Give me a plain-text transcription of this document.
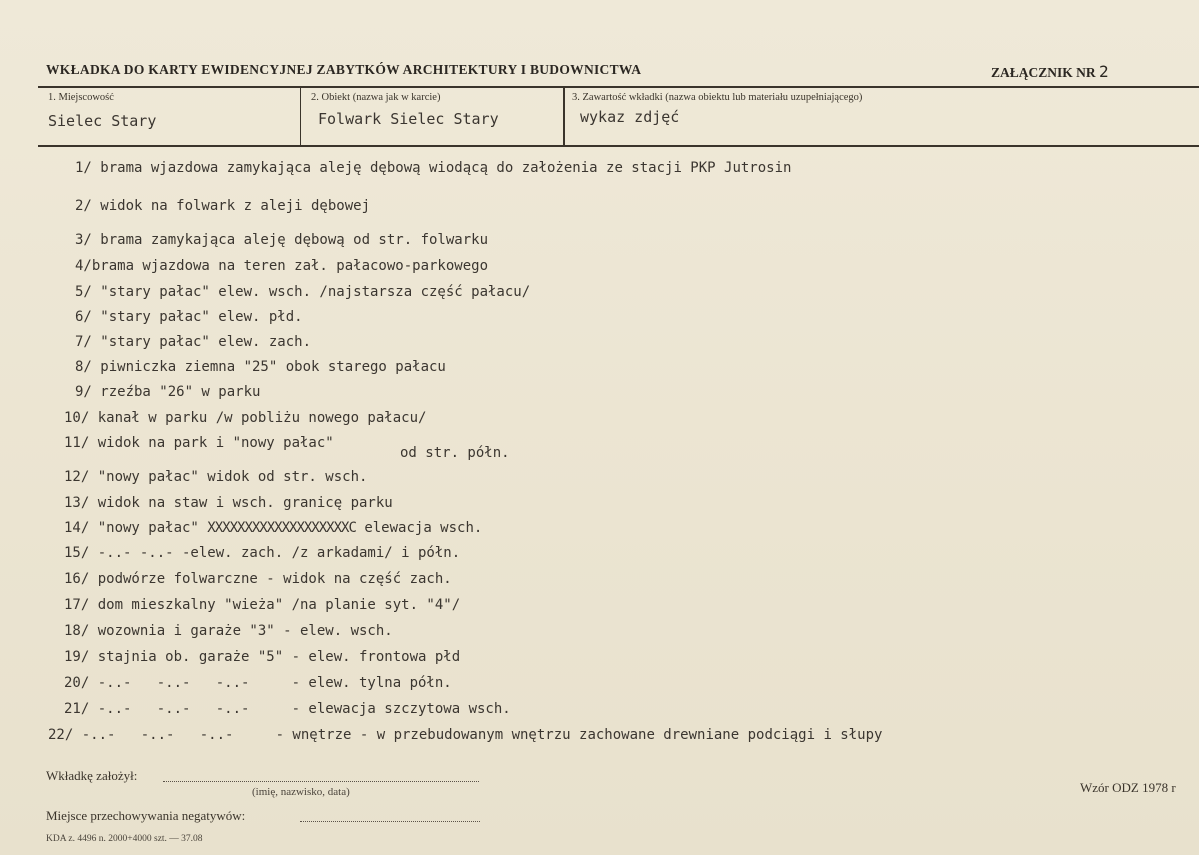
WKŁADKA DO KARTY EWIDENCYJNEJ ZABYTKÓW ARCHITEKTURY I BUDOWNICTWA	ZAŁĄCZNIK NR 2
1. Miejscowość
Sielec Stary
2. Obiekt (nazwa jak w karcie)
Folwark Sielec Stary
3. Zawartość wkładki (nazwa obiektu lub materiału uzupełniającego)
wykaz zdjęć
1/ brama wjazdowa zamykająca aleję dębową wiodącą do założenia ze stacji PKP Jutrosin
2/ widok na folwark z aleji dębowej
3/ brama zamykająca aleję dębową od str. folwarku
4/brama wjazdowa na teren zał. pałacowo-parkowego
5/ "stary pałac" elew. wsch. /najstarsza część pałacu/
6/ "stary pałac" elew. płd.
7/ "stary pałac" elew. zach.
8/ piwniczka ziemna "25" obok starego pałacu
9/ rzeźba "26" w parku
10/ kanał w parku /w pobliżu nowego pałacu/
11/ widok na park i "nowy pałac"
od str. półn.
12/ "nowy pałac" widok od str. wsch.
13/ widok na staw i wsch. granicę parku
14/ "nowy pałac" XXXXXXXXXXXXXXXXXXXC elewacja wsch.
15/ -..- -..- -elew. zach. /z arkadami/ i półn.
16/ podwórze folwarczne - widok na część zach.
17/ dom mieszkalny "wieża" /na planie syt. "4"/
18/ wozownia i garaże "3" - elew. wsch.
19/ stajnia ob. garaże "5" - elew. frontowa płd
20/ -..-   -..-   -..-     - elew. tylna półn.
21/ -..-   -..-   -..-     - elewacja szczytowa wsch.
22/ -..-   -..-   -..-     - wnętrze - w przebudowanym wnętrzu zachowane drewniane podciągi i słupy
Wkładkę założył:
(imię, nazwisko, data)	Wzór ODZ 1978 r
Miejsce przechowywania negatywów:
KDA z. 4496 n. 2000+4000 szt. — 37.08
